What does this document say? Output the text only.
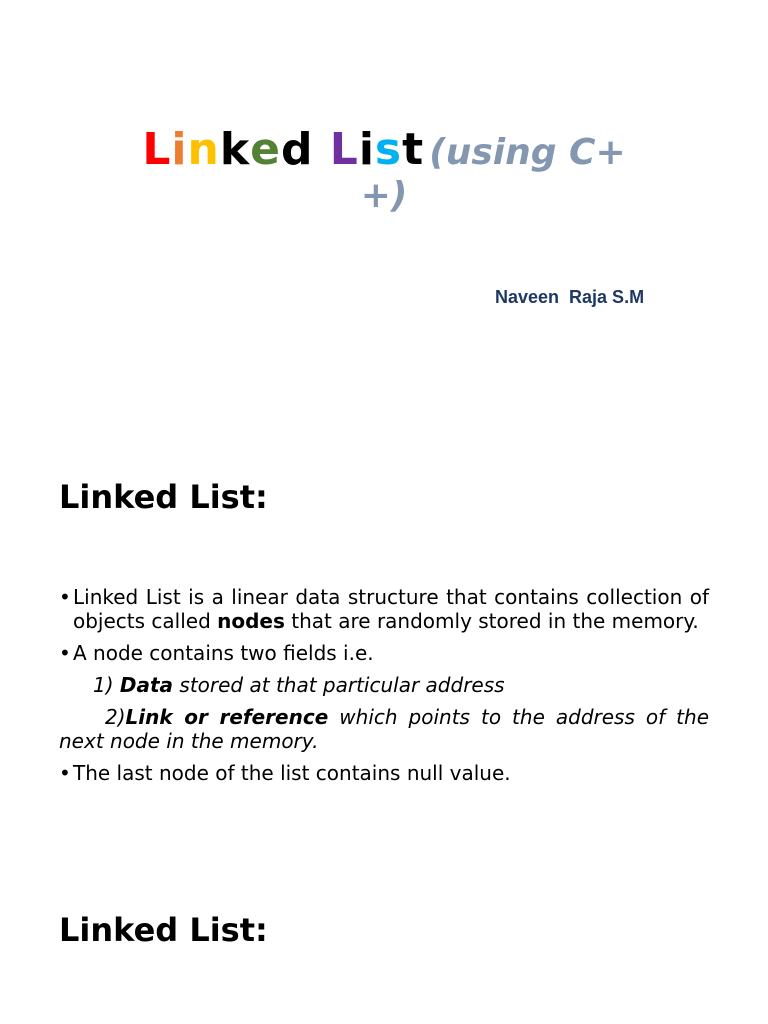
Linked List (using C+
+)
Naveen  Raja S.M
Linked List:

• Linked List is a linear data structure that contains collection of objects called nodes that are randomly stored in the memory.

• A node contains two fields i.e.

1) Data stored at that particular address

2)Link or reference which points to the address of the next node in the memory.

• The last node of the list contains null value.

Linked List:
